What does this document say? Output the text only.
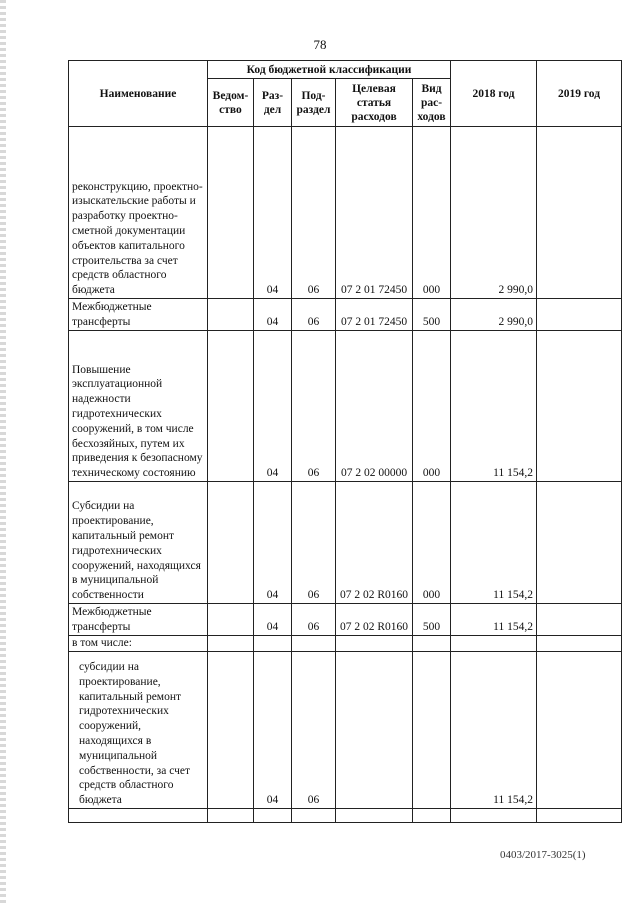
78
Наименование	Код бюджетной классификации					2018 год	2019 год
	Ведом-ство	Раз-дел	Под-раздел	Целевая статья расходов	Вид рас-ходов		
реконструкцию, проектно-изыскательские работы и разработку проектно-сметной документации объектов капитального строительства за счет средств областного бюджета		04	06	07 2 01 72450	000	2 990,0	
Межбюджетные трансферты		04	06	07 2 01 72450	500	2 990,0	
Повышение эксплуатационной надежности гидротехнических сооружений, в том числе бесхозяйных, путем их приведения к безопасному техническому состоянию		04	06	07 2 02 00000	000	11 154,2	
Субсидии на проектирование, капитальный ремонт гидротехнических сооружений, находящихся в муниципальной собственности		04	06	07 2 02 R0160	000	11 154,2	
Межбюджетные трансферты		04	06	07 2 02 R0160	500	11 154,2	
в том числе:							
субсидии на проектирование, капитальный ремонт гидротехнических сооружений, находящихся в муниципальной собственности, за счет средств областного бюджета		04	06			11 154,2	

0403/2017-3025(1)
